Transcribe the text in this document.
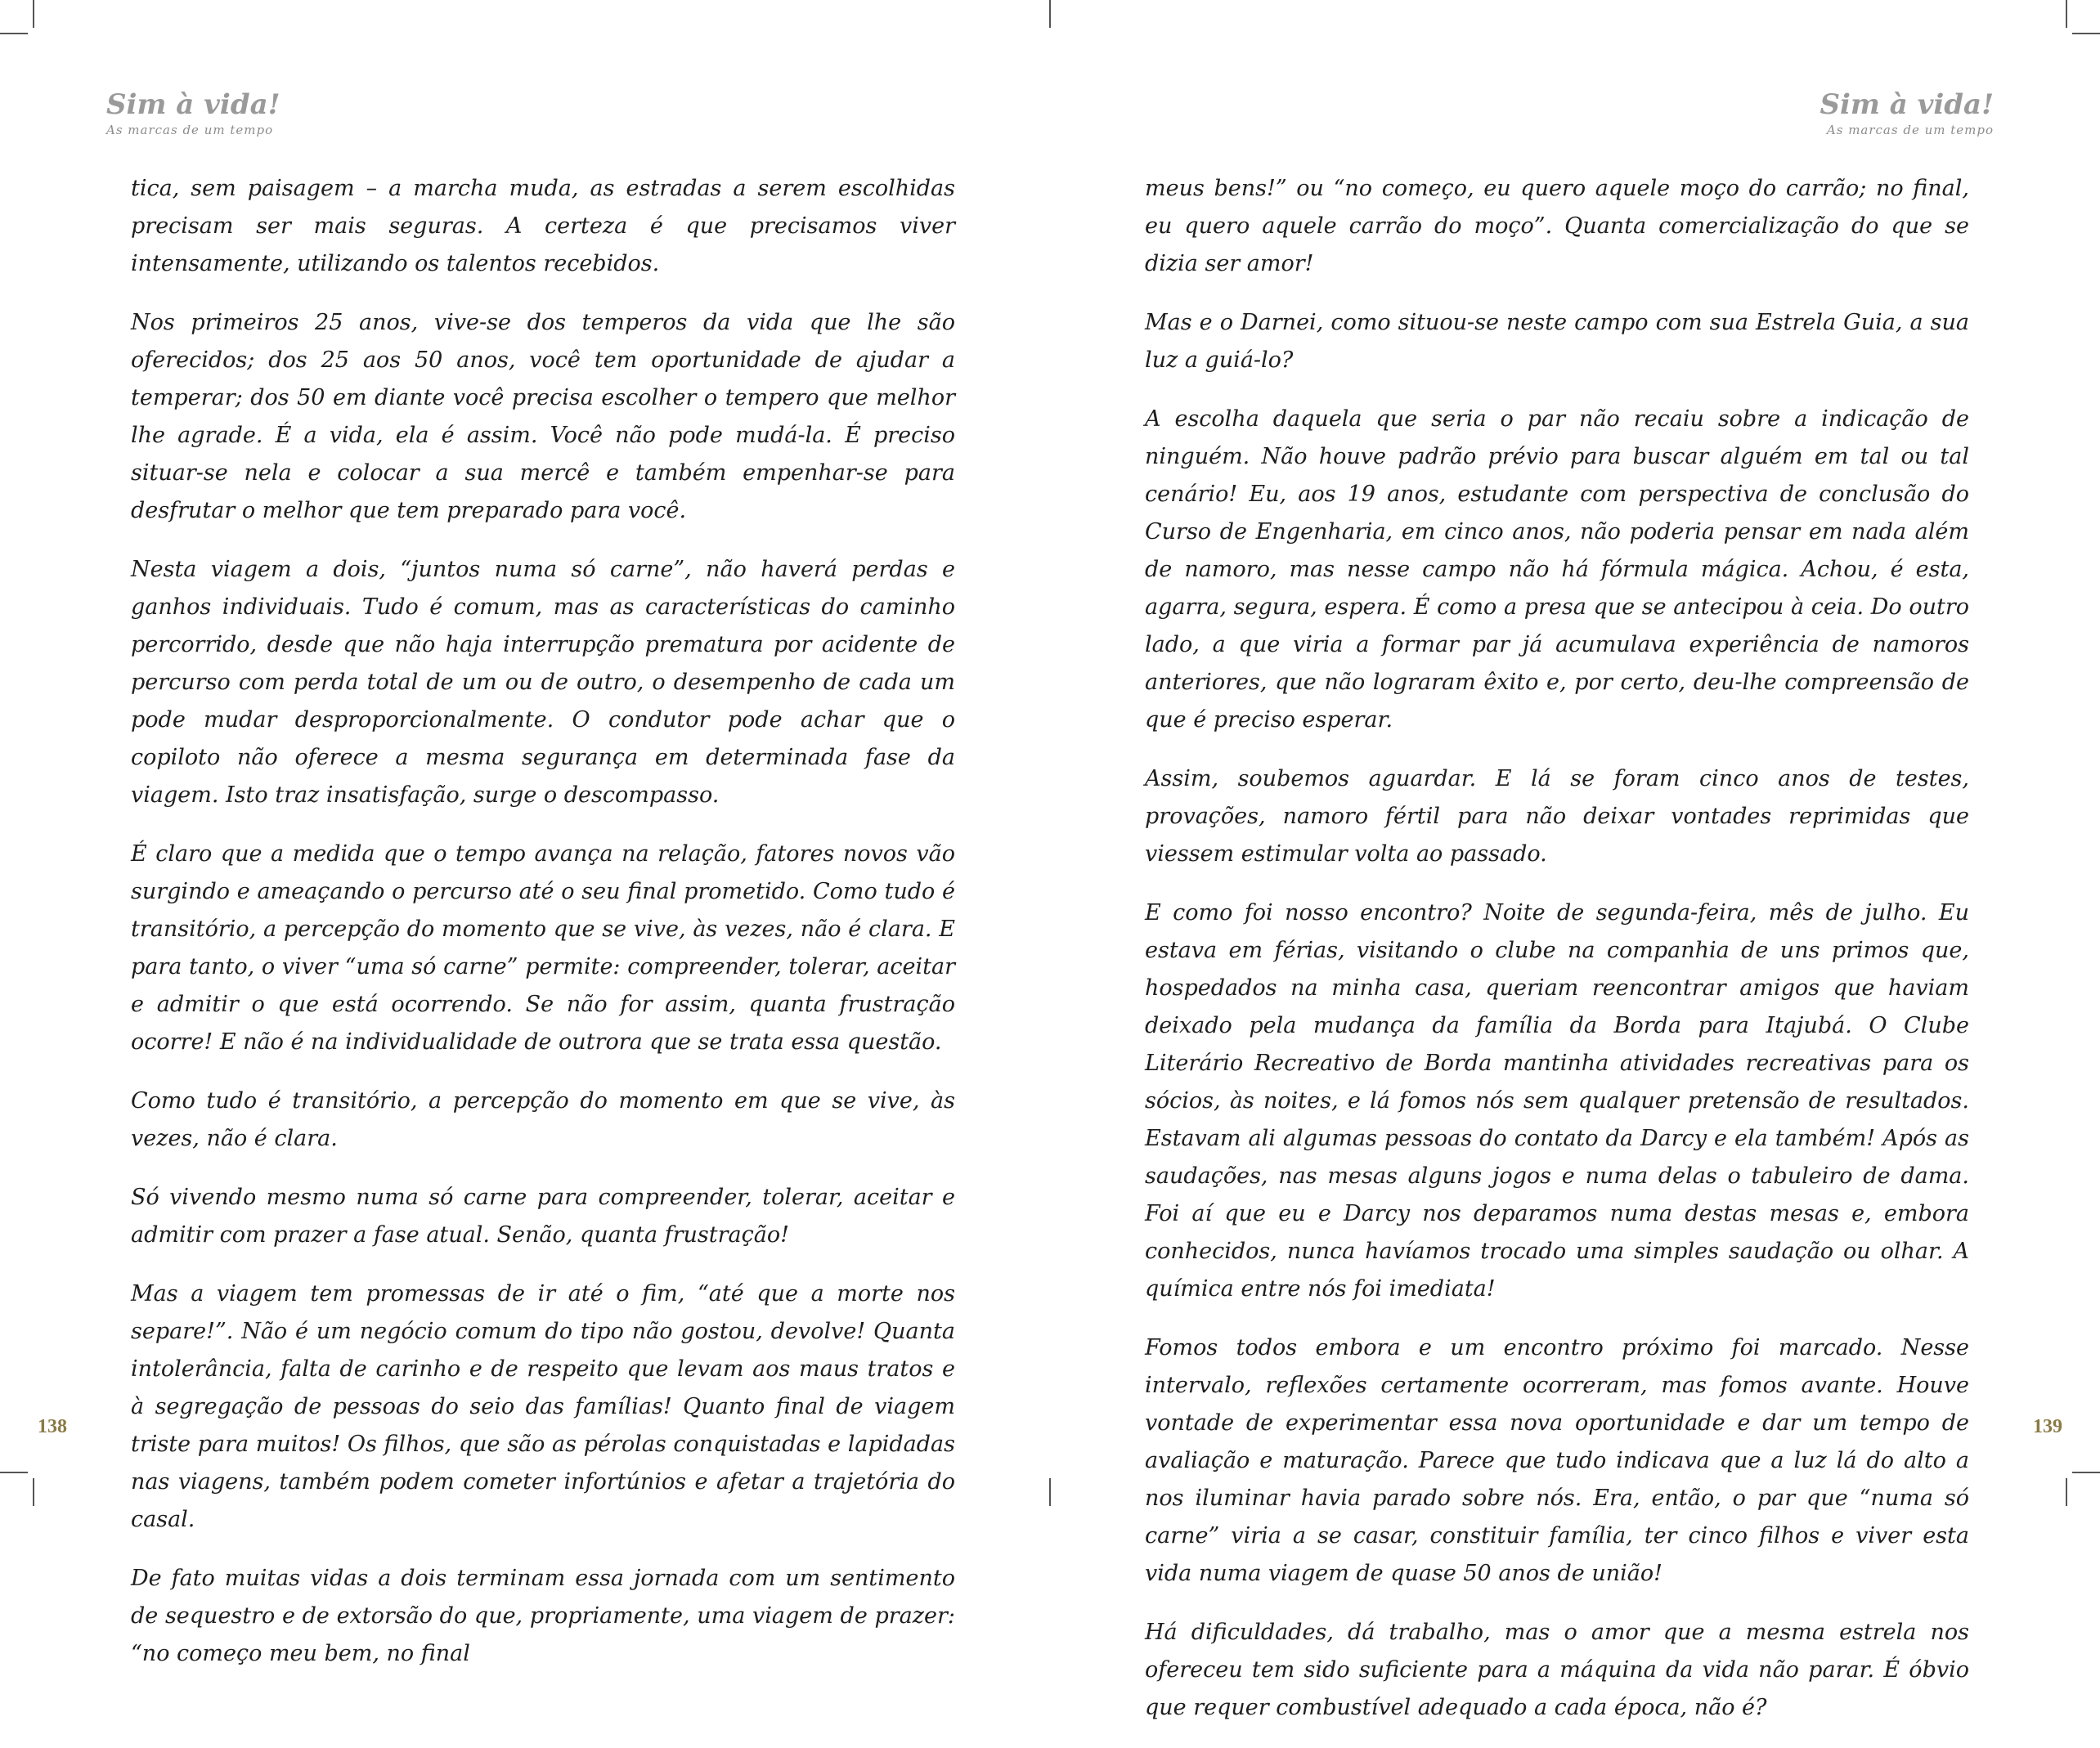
Sim à vida!
As marcas de um tempo

tica, sem paisagem – a marcha muda, as estradas a serem escolhidas precisam ser mais seguras. A certeza é que precisamos viver intensamente, utilizando os talentos recebidos.

Nos primeiros 25 anos, vive-se dos temperos da vida que lhe são oferecidos; dos 25 aos 50 anos, você tem oportunidade de ajudar a temperar; dos 50 em diante você precisa escolher o tempero que melhor lhe agrade. É a vida, ela é assim. Você não pode mudá-la. É preciso situar-se nela e colocar a sua mercê e também empenhar-se para desfrutar o melhor que tem preparado para você.

Nesta viagem a dois, “juntos numa só carne”, não haverá perdas e ganhos individuais. Tudo é comum, mas as características do caminho percorrido, desde que não haja interrupção prematura por acidente de percurso com perda total de um ou de outro, o desempenho de cada um pode mudar desproporcionalmente. O condutor pode achar que o copiloto não oferece a mesma segurança em determinada fase da viagem. Isto traz insatisfação, surge o descompasso.

É claro que a medida que o tempo avança na relação, fatores novos vão surgindo e ameaçando o percurso até o seu final prometido. Como tudo é transitório, a percepção do momento que se vive, às vezes, não é clara. E para tanto, o viver “uma só carne” permite: compreender, tolerar, aceitar e admitir o que está ocorrendo. Se não for assim, quanta frustração ocorre! E não é na individualidade de outrora que se trata essa questão.

Como tudo é transitório, a percepção do momento em que se vive, às vezes, não é clara.

Só vivendo mesmo numa só carne para compreender, tolerar, aceitar e admitir com prazer a fase atual. Senão, quanta frustração!

Mas a viagem tem promessas de ir até o fim, “até que a morte nos separe!”. Não é um negócio comum do tipo não gostou, devolve! Quanta intolerância, falta de carinho e de respeito que levam aos maus tratos e à segregação de pessoas do seio das famílias! Quanto final de viagem triste para muitos! Os filhos, que são as pérolas conquistadas e lapidadas nas viagens, também podem cometer infortúnios e afetar a trajetória do casal.

De fato muitas vidas a dois terminam essa jornada com um sentimento de sequestro e de extorsão do que, propriamente, uma viagem de prazer: “no começo meu bem, no final

138
Sim à vida!
As marcas de um tempo

meus bens!” ou “no começo, eu quero aquele moço do carrão; no final, eu quero aquele carrão do moço”. Quanta comercialização do que se dizia ser amor!

Mas e o Darnei, como situou-se neste campo com sua Estrela Guia, a sua luz a guiá-lo?

A escolha daquela que seria o par não recaiu sobre a indicação de ninguém. Não houve padrão prévio para buscar alguém em tal ou tal cenário! Eu, aos 19 anos, estudante com perspectiva de conclusão do Curso de Engenharia, em cinco anos, não poderia pensar em nada além de namoro, mas nesse campo não há fórmula mágica. Achou, é esta, agarra, segura, espera. É como a presa que se antecipou à ceia. Do outro lado, a que viria a formar par já acumulava experiência de namoros anteriores, que não lograram êxito e, por certo, deu-lhe compreensão de que é preciso esperar.

Assim, soubemos aguardar. E lá se foram cinco anos de testes, provações, namoro fértil para não deixar vontades reprimidas que viessem estimular volta ao passado.

E como foi nosso encontro? Noite de segunda-feira, mês de julho. Eu estava em férias, visitando o clube na companhia de uns primos que, hospedados na minha casa, queriam reencontrar amigos que haviam deixado pela mudança da família da Borda para Itajubá. O Clube Literário Recreativo de Borda mantinha atividades recreativas para os sócios, às noites, e lá fomos nós sem qualquer pretensão de resultados. Estavam ali algumas pessoas do contato da Darcy e ela também! Após as saudações, nas mesas alguns jogos e numa delas o tabuleiro de dama. Foi aí que eu e Darcy nos deparamos numa destas mesas e, embora conhecidos, nunca havíamos trocado uma simples saudação ou olhar. A química entre nós foi imediata!

Fomos todos embora e um encontro próximo foi marcado. Nesse intervalo, reflexões certamente ocorreram, mas fomos avante. Houve vontade de experimentar essa nova oportunidade e dar um tempo de avaliação e maturação. Parece que tudo indicava que a luz lá do alto a nos iluminar havia parado sobre nós. Era, então, o par que “numa só carne” viria a se casar, constituir família, ter cinco filhos e viver esta vida numa viagem de quase 50 anos de união!

Há dificuldades, dá trabalho, mas o amor que a mesma estrela nos ofereceu tem sido suficiente para a máquina da vida não parar. É óbvio que requer combustível adequado a cada época, não é?

139
